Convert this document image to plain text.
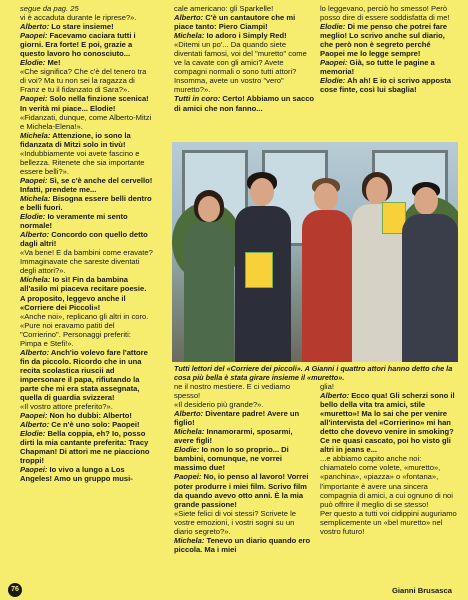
segue da pag. 25

vi è accaduta durante le riprese?».

Alberto: Lo stare insieme!

Paopei: Facevamo caciara tutti i giorni. Era forte! E poi, grazie a questo lavoro ho conosciuto...

Elodie: Me!

«Che significa? Che c'è del tenero tra di voi? Ma tu non sei la ragazza di Franz e tu il fidanzato di Sara?».

Paopei: Solo nella finzione scenica! In verità mi piace... Elodie!

«Fidanzati, dunque, come Alberto-Mitzi e Michela-Elena!».

Michela: Attenzione, io sono la fidanzata di Mitzi solo in tivù!

«Indubbiamente voi avete fascino e bellezza. Ritenete che sia importante essere belli?».

Paopei: Sì, se c'è anche del cervello! Infatti, prendete me...

Michela: Bisogna essere belli dentro e belli fuori.

Elodie: Io veramente mi sento normale!

Alberto: Concordo con quello detto dagli altri!

«Va bene! E da bambini come eravate? Immaginavate che sareste diventati degli attori?».

Michela: Io sì! Fin da bambina all'asilo mi piaceva recitare poesie. A proposito, leggevo anche il «Corriere dei Piccoli»!

«Anche noi», replicano gli altri in coro. «Pure noi eravamo patiti del "Corrierino". Personaggi preferiti: Pimpa e Stefi!».

Alberto: Anch'io volevo fare l'attore fin da piccolo. Ricordo che in una recita scolastica riuscii ad impersonare il papa, rifiutando la parte che mi era stata assegnata, quella di guardia svizzera!

«Il vostro attore preferito?».

Paopei: Non ho dubbi: Alberto!

Alberto: Ce n'è uno solo: Paopei!

Elodie: Bella coppia, eh? Io, posso dirti la mia cantante preferita: Tracy Chapman! Di attori me ne piacciono troppi!

Paopei: Io vivo a lungo a Los Angeles! Amo un gruppo musi-

cale americano: gli Sparkelle!

Alberto: C'è un cantautore che mi piace tanto: Piero Ciampi!

Michela: Io adoro i Simply Red!

«Ditemi un po'... Da quando siete diventati famosi, voi del "muretto" come ve la cavate con gli amici? Avete compagni normali o sono tutti attori? Insomma, avete un vostro "vero" muretto?».

Tutti in coro: Certo! Abbiamo un sacco di amici che non fanno...

lo leggevano, perciò ho smesso! Però posso dire di essere soddisfatta di me!

Elodie: Di me penso che potrei fare meglio! Lo scrivo anche sul diario, che però non è segreto perché Paopei me lo legge sempre!

Paopei: Già, so tutte le pagine a memoria!

Elodie: Ah ah! E io ci scrivo apposta cose finte, così lui sbaglia!

Tutti lettori del «Corriere dei piccoli». A Gianni i quattro attori hanno detto che la cosa più bella è stata girare insieme il «muretto».

ne il nostro mestiere. E ci vediamo spesso!

«Il desiderio più grande?».

Alberto: Diventare padre! Avere un figlio!

Michela: Innamorarmi, sposarmi, avere figli!

Elodie: Io non lo so proprio... Di bambini, comunque, ne vorrei massimo due!

Paopei: No, io penso al lavoro! Vorrei poter produrre i miei film. Scrivo film da quando avevo otto anni. È la mia grande passione!

«Siete felici di voi stessi? Scrivete le vostre emozioni, i vostri sogni su un diario segreto?».

Michela: Tenevo un diario quando ero piccola. Ma i miei

glia!

Alberto: Ecco qua! Gli scherzi sono il bello della vita tra amici, stile «muretto»! Ma lo sai che per venire all'intervista del «Corrierino» mi han detto che dovevo venire in smoking? Ce ne quasi cascato, poi ho visto gli altri in jeans e...

...e abbiamo capito anche noi: chiamatelo come volete, «muretto», «panchina», «piazza» o «fontana», l'importante è avere una sincera compagnia di amici, a cui ognuno di noi può offrire il meglio di se stesso!

Per questo a tutti voi cidippini auguriamo semplicemente un «bel muretto» nel vostro futuro!

76	Gianni Brusasca
